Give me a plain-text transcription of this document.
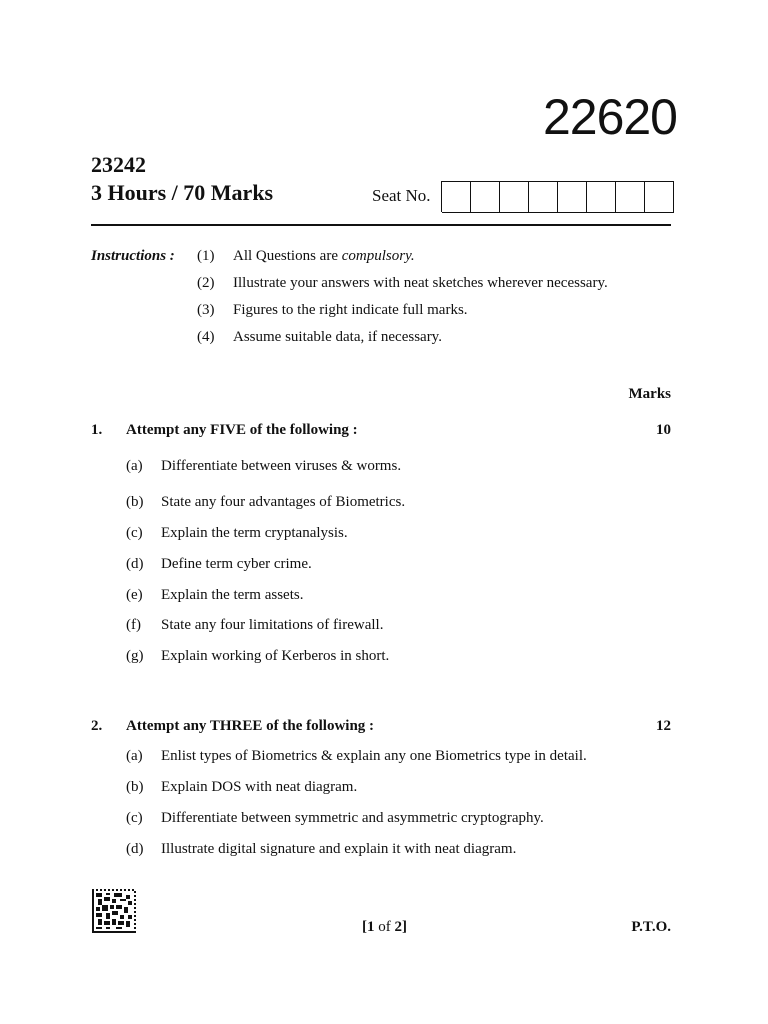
22620
23242
3 Hours / 70 Marks	Seat No.
Instructions : (1) All Questions are compulsory.
(2) Illustrate your answers with neat sketches wherever necessary.
(3) Figures to the right indicate full marks.
(4) Assume suitable data, if necessary.
Marks
1. Attempt any FIVE of the following :	10
(a) Differentiate between viruses & worms.
(b) State any four advantages of Biometrics.
(c) Explain the term cryptanalysis.
(d) Define term cyber crime.
(e) Explain the term assets.
(f) State any four limitations of firewall.
(g) Explain working of Kerberos in short.
2. Attempt any THREE of the following :	12
(a) Enlist types of Biometrics & explain any one Biometrics type in detail.
(b) Explain DOS with neat diagram.
(c) Differentiate between symmetric and asymmetric cryptography.
(d) Illustrate digital signature and explain it with neat diagram.
[1 of 2]	P.T.O.
